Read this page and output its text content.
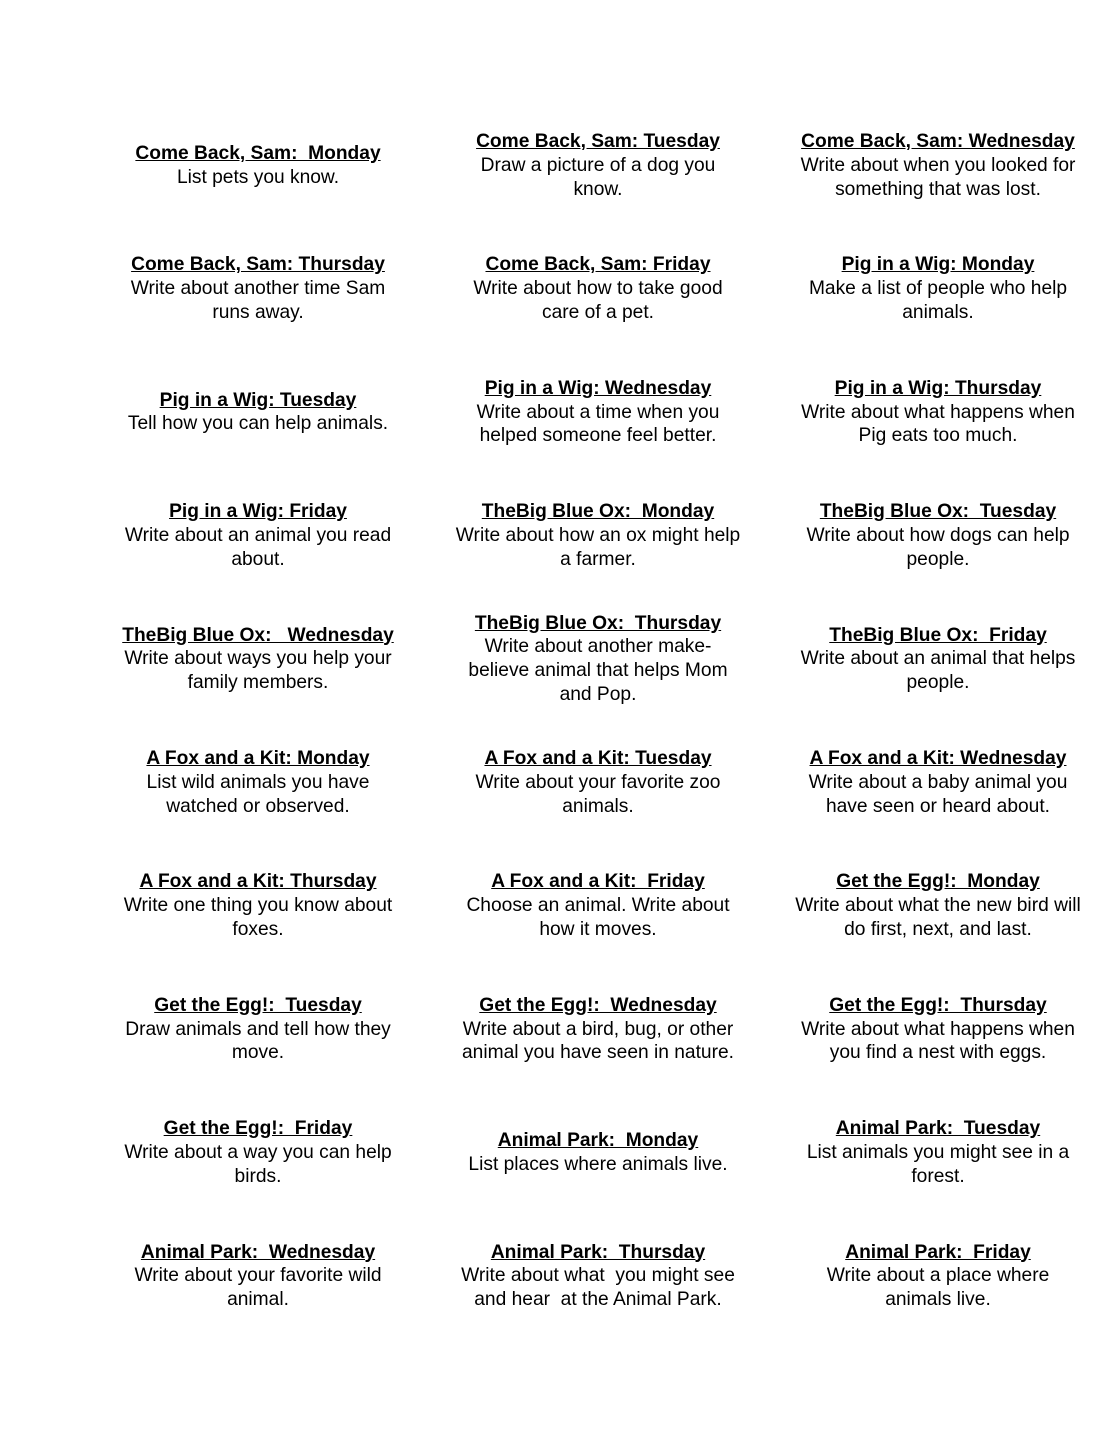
Come Back, Sam:  Monday
List pets you know.
Come Back, Sam: Tuesday
Draw a picture of a dog you
know.
Come Back, Sam: Wednesday
Write about when you looked for
something that was lost.
Come Back, Sam: Thursday
Write about another time Sam
runs away.
Come Back, Sam: Friday
Write about how to take good
care of a pet.
Pig in a Wig: Monday
Make a list of people who help
animals.
Pig in a Wig: Tuesday
Tell how you can help animals.
Pig in a Wig: Wednesday
Write about a time when you
helped someone feel better.
Pig in a Wig: Thursday
Write about what happens when
Pig eats too much.
Pig in a Wig: Friday
Write about an animal you read
about.
TheBig Blue Ox:  Monday
Write about how an ox might help
a farmer.
TheBig Blue Ox:  Tuesday
Write about how dogs can help
people.
TheBig Blue Ox:   Wednesday
Write about ways you help your
family members.
TheBig Blue Ox:  Thursday
Write about another make-
believe animal that helps Mom
and Pop.
TheBig Blue Ox:  Friday
Write about an animal that helps
people.
A Fox and a Kit: Monday
List wild animals you have
watched or observed.
A Fox and a Kit: Tuesday
Write about your favorite zoo
animals.
A Fox and a Kit: Wednesday
Write about a baby animal you
have seen or heard about.
A Fox and a Kit: Thursday
Write one thing you know about
foxes.
A Fox and a Kit:  Friday
Choose an animal. Write about
how it moves.
Get the Egg!:  Monday
Write about what the new bird will
do first, next, and last.
Get the Egg!:  Tuesday
Draw animals and tell how they
move.
Get the Egg!:  Wednesday
Write about a bird, bug, or other
animal you have seen in nature.
Get the Egg!:  Thursday
Write about what happens when
you find a nest with eggs.
Get the Egg!:  Friday
Write about a way you can help
birds.
Animal Park:  Monday
List places where animals live.
Animal Park:  Tuesday
List animals you might see in a
forest.
Animal Park:  Wednesday
Write about your favorite wild
animal.
Animal Park:  Thursday
Write about what  you might see
and hear  at the Animal Park.
Animal Park:  Friday
Write about a place where
animals live.
